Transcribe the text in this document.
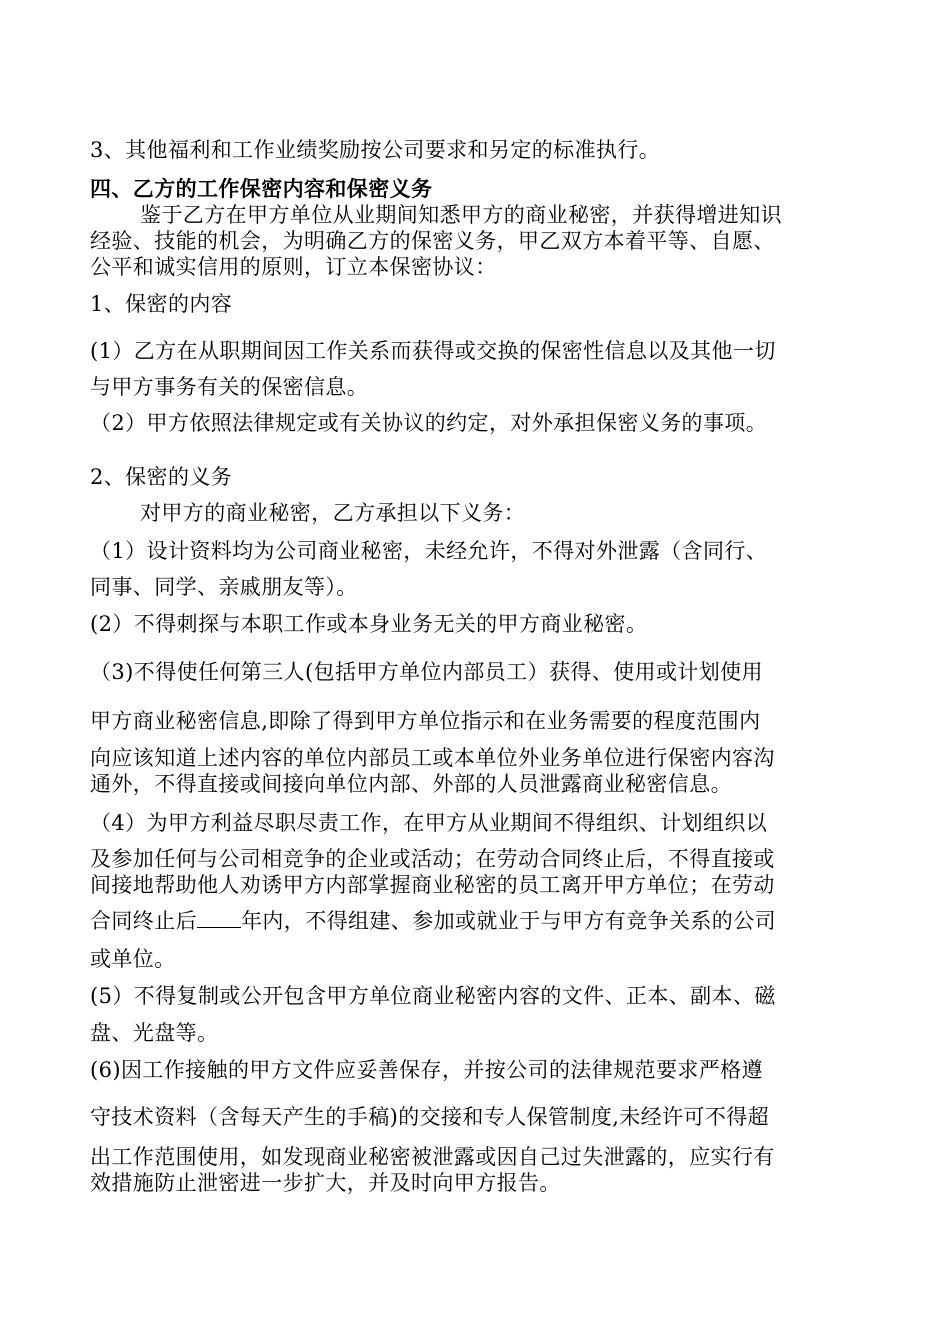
3、其他福利和工作业绩奖励按公司要求和另定的标准执行。
四、乙方的工作保密内容和保密义务
鉴于乙方在甲方单位从业期间知悉甲方的商业秘密，并获得增进知识
经验、技能的机会，为明确乙方的保密义务，甲乙双方本着平等、自愿、
公平和诚实信用的原则，订立本保密协议：
1、保密的内容
(1）乙方在从职期间因工作关系而获得或交换的保密性信息以及其他一切
与甲方事务有关的保密信息。
（2）甲方依照法律规定或有关协议的约定，对外承担保密义务的事项。
2、保密的义务
对甲方的商业秘密，乙方承担以下义务：
（1）设计资料均为公司商业秘密，未经允许，不得对外泄露（含同行、
同事、同学、亲戚朋友等）。
(2）不得刺探与本职工作或本身业务无关的甲方商业秘密。
（3)不得使任何第三人(包括甲方单位内部员工）获得、使用或计划使用
甲方商业秘密信息,即除了得到甲方单位指示和在业务需要的程度范围内
向应该知道上述内容的单位内部员工或本单位外业务单位进行保密内容沟
通外，不得直接或间接向单位内部、外部的人员泄露商业秘密信息。
（4）为甲方利益尽职尽责工作，在甲方从业期间不得组织、计划组织以
及参加任何与公司相竞争的企业或活动；在劳动合同终止后，不得直接或
间接地帮助他人劝诱甲方内部掌握商业秘密的员工离开甲方单位；在劳动
合同终止后 年内，不得组建、参加或就业于与甲方有竞争关系的公司
或单位。
(5）不得复制或公开包含甲方单位商业秘密内容的文件、正本、副本、磁
盘、光盘等。
(6)因工作接触的甲方文件应妥善保存，并按公司的法律规范要求严格遵
守技术资料（含每天产生的手稿)的交接和专人保管制度,未经许可不得超
出工作范围使用，如发现商业秘密被泄露或因自己过失泄露的，应实行有
效措施防止泄密进一步扩大，并及时向甲方报告。
